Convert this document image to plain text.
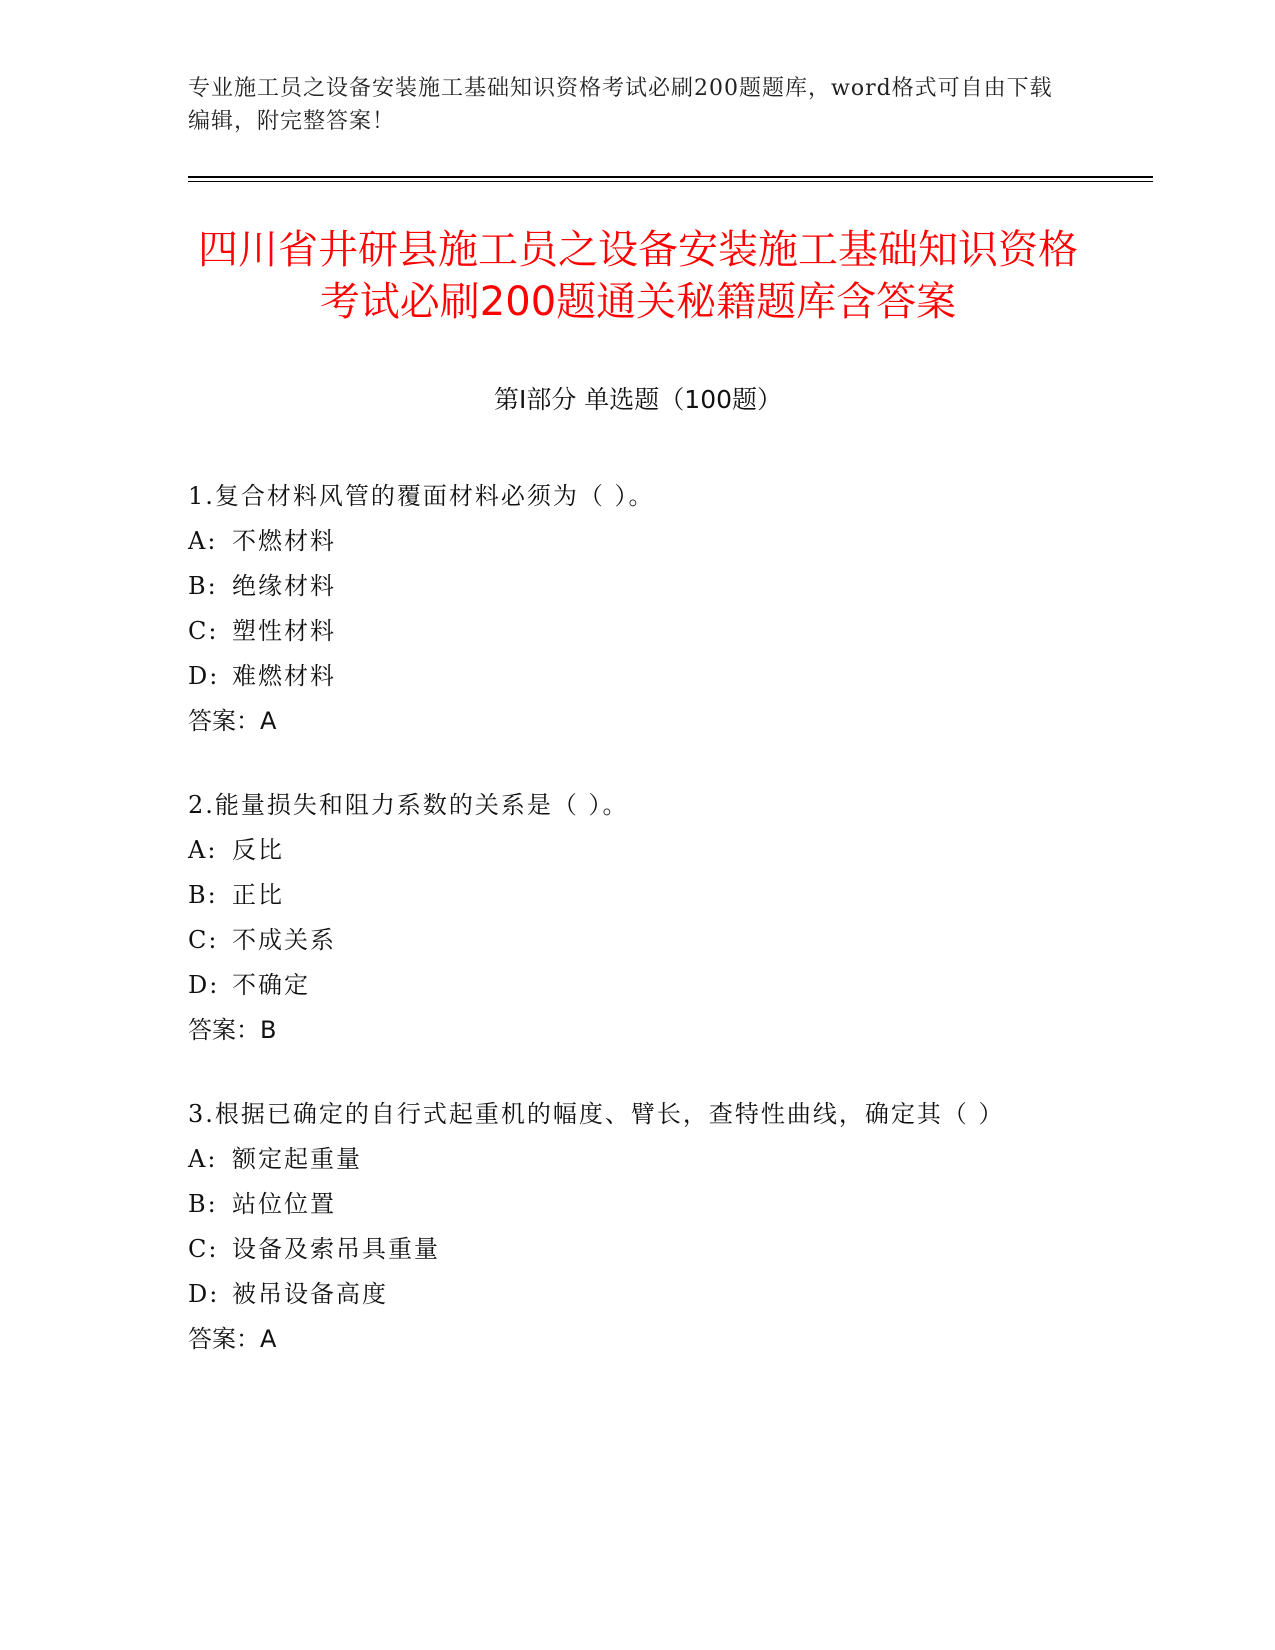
专业施工员之设备安装施工基础知识资格考试必刷200题题库，word格式可自由下载编辑，附完整答案！
四川省井研县施工员之设备安装施工基础知识资格考试必刷200题通关秘籍题库含答案
第I部分 单选题（100题）
1.复合材料风管的覆面材料必须为（ ）。
A: 不燃材料
B: 绝缘材料
C: 塑性材料
D: 难燃材料
答案：A
2.能量损失和阻力系数的关系是（ ）。
A: 反比
B: 正比
C: 不成关系
D: 不确定
答案：B
3.根据已确定的自行式起重机的幅度、臂长，查特性曲线，确定其（ ）
A: 额定起重量
B: 站位位置
C: 设备及索吊具重量
D: 被吊设备高度
答案：A
